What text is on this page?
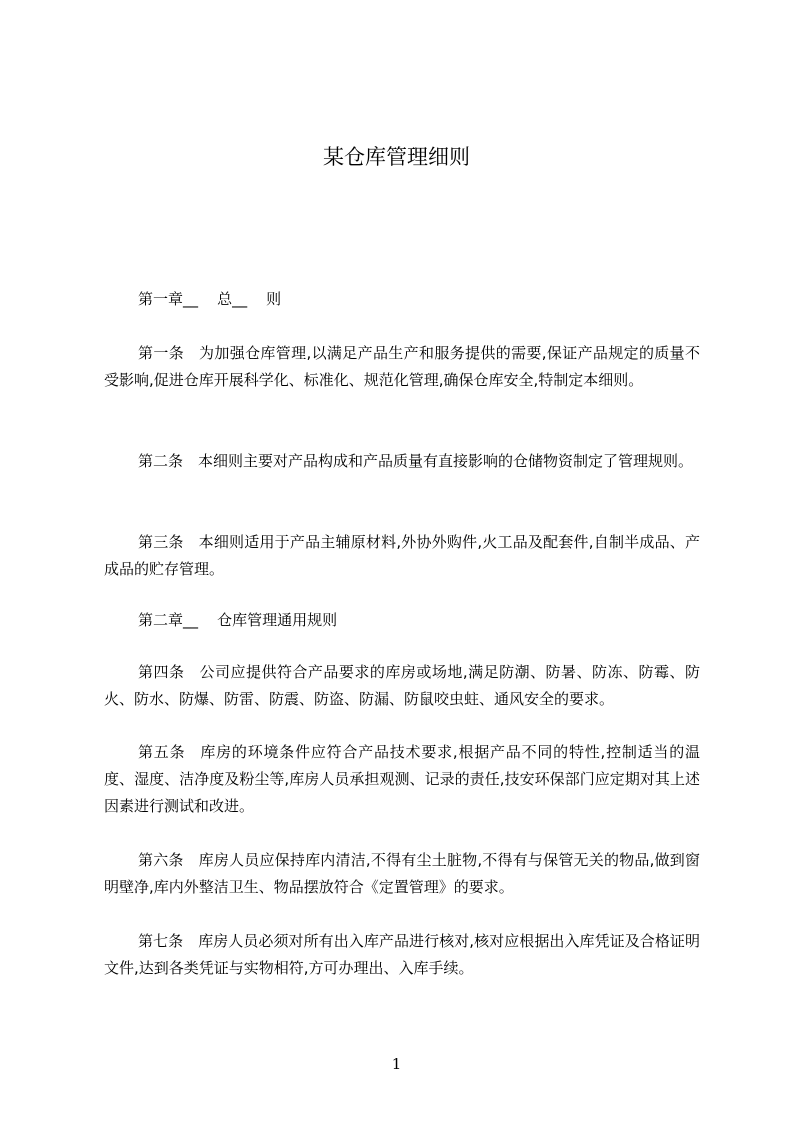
某仓库管理细则

第一章__    总__    则

第一条 为加强仓库管理,以满足产品生产和服务提供的需要,保证产品规定的质量不受影响,促进仓库开展科学化、标准化、规范化管理,确保仓库安全,特制定本细则。

第二条 本细则主要对产品构成和产品质量有直接影响的仓储物资制定了管理规则。

第三条 本细则适用于产品主辅原材料,外协外购件,火工品及配套件,自制半成品、产成品的贮存管理。

第二章__    仓库管理通用规则

第四条 公司应提供符合产品要求的库房或场地,满足防潮、防暑、防冻、防霉、防火、防水、防爆、防雷、防震、防盗、防漏、防鼠咬虫蛀、通风安全的要求。

第五条 库房的环境条件应符合产品技术要求,根据产品不同的特性,控制适当的温度、湿度、洁净度及粉尘等,库房人员承担观测、记录的责任,技安环保部门应定期对其上述因素进行测试和改进。

第六条 库房人员应保持库内清洁,不得有尘土脏物,不得有与保管无关的物品,做到窗明壁净,库内外整洁卫生、物品摆放符合《定置管理》的要求。

第七条 库房人员必须对所有出入库产品进行核对,核对应根据出入库凭证及合格证明文件,达到各类凭证与实物相符,方可办理出、入库手续。

1
